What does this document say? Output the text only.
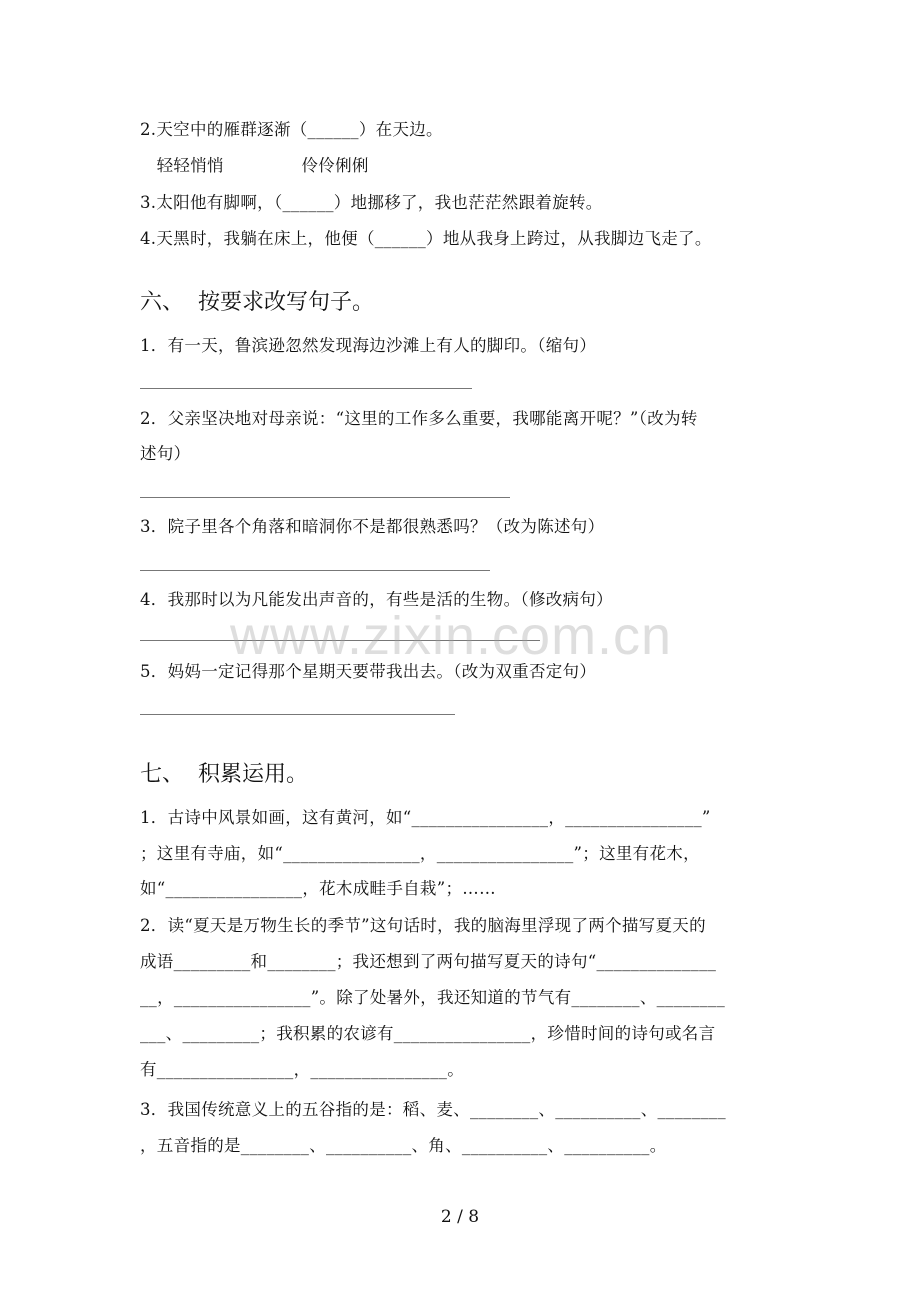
2.天空中的雁群逐渐（______）在天边。
轻轻悄悄              伶伶俐俐
3.太阳他有脚啊，（______）地挪移了，我也茫茫然跟着旋转。
4.天黑时，我躺在床上，他便（______）地从我身上跨过，从我脚边飞走了。
六、  按要求改写句子。
1．有一天，鲁滨逊忽然发现海边沙滩上有人的脚印。（缩句）
2．父亲坚决地对母亲说：“这里的工作多么重要，我哪能离开呢？”（改为转
述句）
3．院子里各个角落和暗洞你不是都很熟悉吗？（改为陈述句）
4．我那时以为凡能发出声音的，有些是活的生物。（修改病句）
5．妈妈一定记得那个星期天要带我出去。（改为双重否定句）
七、  积累运用。
1．古诗中风景如画，这有黄河，如“________________，________________”
；这里有寺庙，如“________________，________________”；这里有花木，
如“________________，花木成畦手自栽”；……
2．读“夏天是万物生长的季节”这句话时，我的脑海里浮现了两个描写夏天的
成语_________和________；我还想到了两句描写夏天的诗句“______________
__，________________”。除了处暑外，我还知道的节气有________、________
___、_________；我积累的农谚有________________，珍惜时间的诗句或名言
有________________，________________。
3．我国传统意义上的五谷指的是：稻、麦、________、__________、________
，五音指的是________、__________、角、__________、__________。
www.zixin.com.cn
2 / 8
